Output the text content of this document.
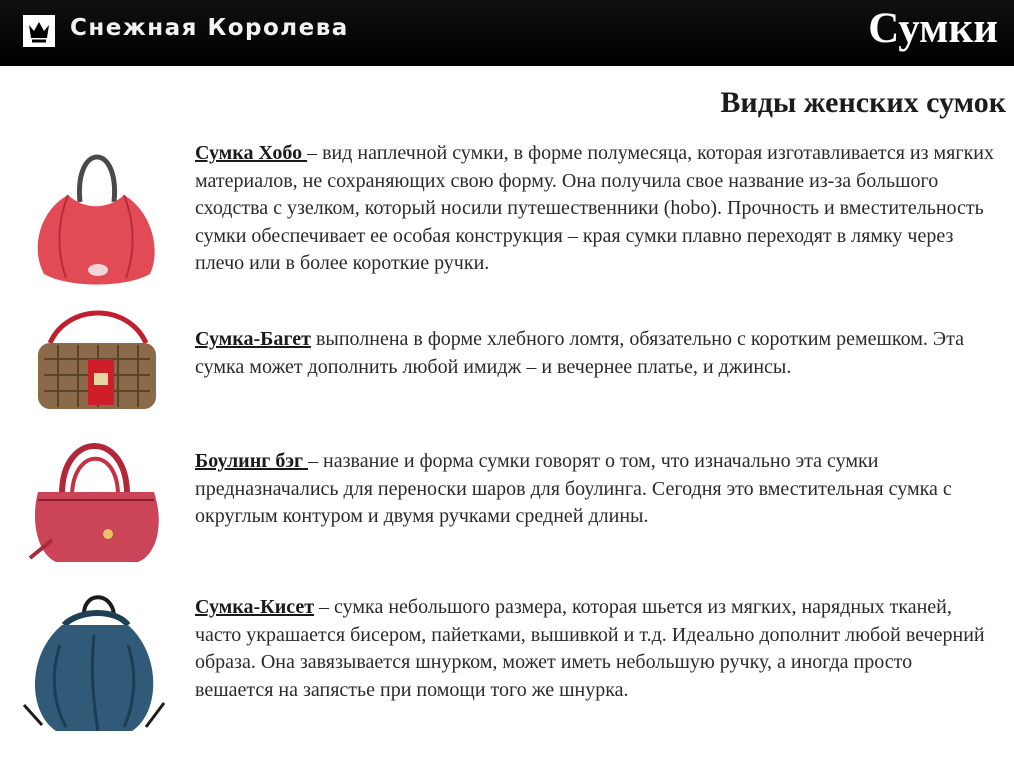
Снежная Королева	Сумки
Виды женских сумок

Сумка Хобо – вид наплечной сумки, в форме полумесяца, которая изготавливается из мягких материалов, не сохраняющих свою форму. Она получила свое название из-за большого сходства с узелком, который носили путешественники (hobo). Прочность и вместительность сумки обеспечивает ее особая конструкция – края сумки плавно переходят в лямку через плечо или в более короткие ручки.

Сумка-Багет выполнена в форме хлебного ломтя, обязательно с коротким ремешком. Эта сумка может дополнить любой имидж – и вечернее платье, и джинсы.

Боулинг бэг – название и форма сумки говорят о том, что изначально эта сумки предназначались для переноски шаров для боулинга. Сегодня это вместительная сумка с округлым контуром и двумя ручками средней длины.

Сумка-Кисет – сумка небольшого размера, которая шьется из мягких, нарядных тканей, часто украшается бисером, пайетками, вышивкой и т.д. Идеально дополнит любой вечерний образа. Она завязывается шнурком, может иметь небольшую ручку, а иногда просто вешается на запястье при помощи того же шнурка.
